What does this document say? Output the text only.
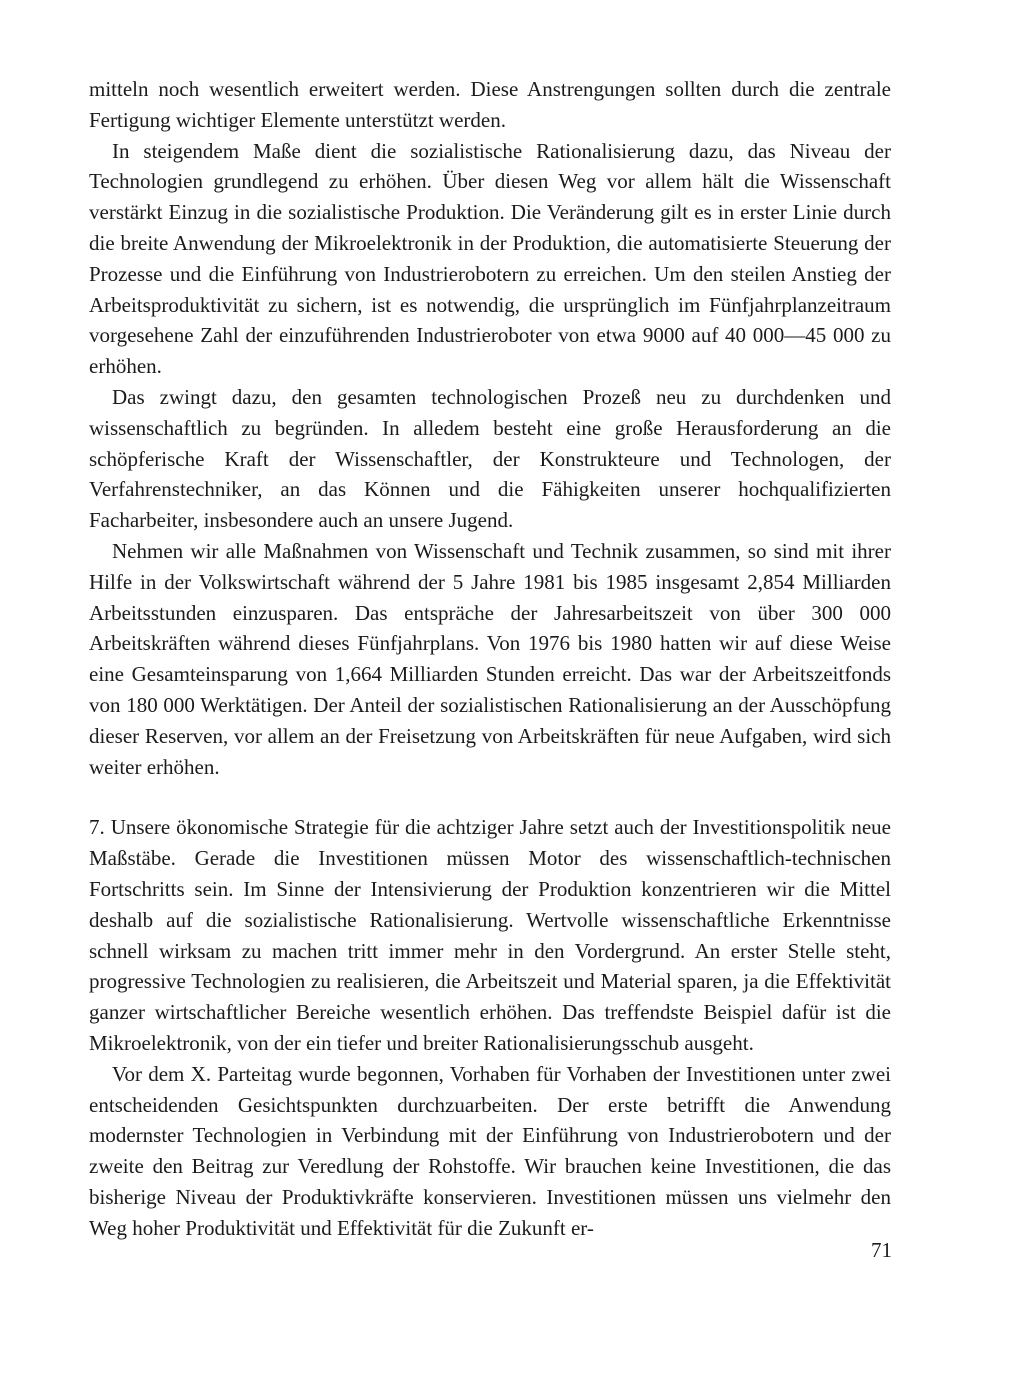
mitteln noch wesentlich erweitert werden. Diese Anstrengungen sollten durch die zentrale Fertigung wichtiger Elemente unterstützt werden.

In steigendem Maße dient die sozialistische Rationalisierung dazu, das Niveau der Technologien grundlegend zu erhöhen. Über diesen Weg vor allem hält die Wissenschaft verstärkt Einzug in die sozialistische Produktion. Die Veränderung gilt es in erster Linie durch die breite Anwendung der Mikroelektronik in der Produktion, die automatisierte Steuerung der Prozesse und die Einführung von Industrierobotern zu erreichen. Um den steilen Anstieg der Arbeitsproduktivität zu sichern, ist es notwendig, die ursprünglich im Fünfjahrplanzeitraum vorgesehene Zahl der einzuführenden Industrieroboter von etwa 9000 auf 40 000—45 000 zu erhöhen.

Das zwingt dazu, den gesamten technologischen Prozeß neu zu durchdenken und wissenschaftlich zu begründen. In alledem besteht eine große Herausforderung an die schöpferische Kraft der Wissenschaftler, der Konstrukteure und Technologen, der Verfahrenstechniker, an das Können und die Fähigkeiten unserer hochqualifizierten Facharbeiter, insbesondere auch an unsere Jugend.

Nehmen wir alle Maßnahmen von Wissenschaft und Technik zusammen, so sind mit ihrer Hilfe in der Volkswirtschaft während der 5 Jahre 1981 bis 1985 insgesamt 2,854 Milliarden Arbeitsstunden einzusparen. Das entspräche der Jahresarbeitszeit von über 300 000 Arbeitskräften während dieses Fünfjahrplans. Von 1976 bis 1980 hatten wir auf diese Weise eine Gesamteinsparung von 1,664 Milliarden Stunden erreicht. Das war der Arbeitszeitfonds von 180 000 Werktätigen. Der Anteil der sozialistischen Rationalisierung an der Ausschöpfung dieser Reserven, vor allem an der Freisetzung von Arbeitskräften für neue Aufgaben, wird sich weiter erhöhen.

7. Unsere ökonomische Strategie für die achtziger Jahre setzt auch der Investitionspolitik neue Maßstäbe. Gerade die Investitionen müssen Motor des wissenschaftlich-technischen Fortschritts sein. Im Sinne der Intensivierung der Produktion konzentrieren wir die Mittel deshalb auf die sozialistische Rationalisierung. Wertvolle wissenschaftliche Erkenntnisse schnell wirksam zu machen tritt immer mehr in den Vordergrund. An erster Stelle steht, progressive Technologien zu realisieren, die Arbeitszeit und Material sparen, ja die Effektivität ganzer wirtschaftlicher Bereiche wesentlich erhöhen. Das treffendste Beispiel dafür ist die Mikroelektronik, von der ein tiefer und breiter Rationalisierungsschub ausgeht.

Vor dem X. Parteitag wurde begonnen, Vorhaben für Vorhaben der Investitionen unter zwei entscheidenden Gesichtspunkten durchzuarbeiten. Der erste betrifft die Anwendung modernster Technologien in Verbindung mit der Einführung von Industrierobotern und der zweite den Beitrag zur Veredlung der Rohstoffe. Wir brauchen keine Investitionen, die das bisherige Niveau der Produktivkräfte konservieren. Investitionen müssen uns vielmehr den Weg hoher Produktivität und Effektivität für die Zukunft er-

71
